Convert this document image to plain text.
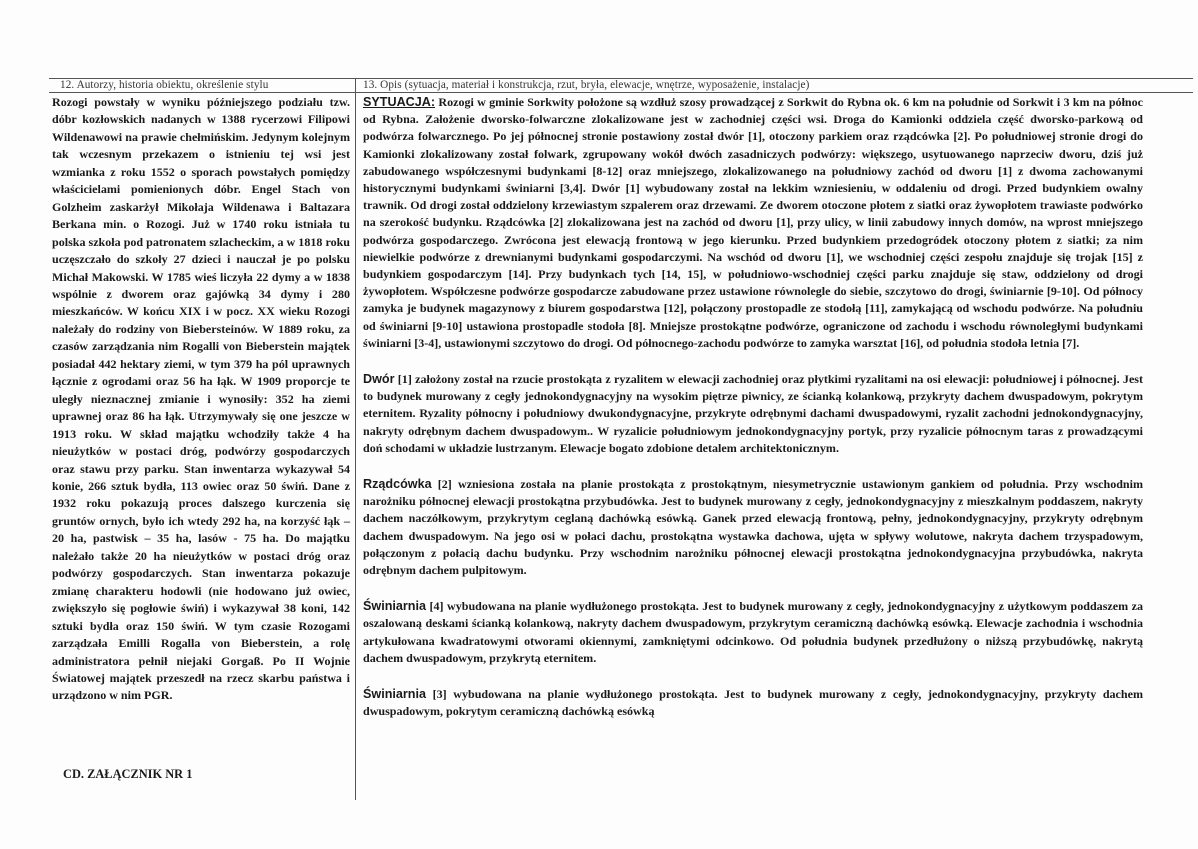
12. Autorzy, historia obiektu, określenie stylu	13. Opis (sytuacja, materiał i konstrukcja, rzut, bryła, elewacje, wnętrze, wyposażenie, instalacje)

Rozogi powstały w wyniku późniejszego podziału tzw. dóbr kozłowskich nadanych w 1388 rycerzowi Filipowi Wildenawowi na prawie chełmińskim. Jedynym kolejnym tak wczesnym przekazem o istnieniu tej wsi jest wzmianka z roku 1552 o sporach powstałych pomiędzy właścicielami pomienionych dóbr. Engel Stach von Golzheim zaskarżył Mikołaja Wildenawa i Baltazara Berkana min. o Rozogi. Już w 1740 roku istniała tu polska szkoła pod patronatem szlacheckim, a w 1818 roku uczęszczało do szkoły 27 dzieci i nauczał je po polsku Michał Makowski. W 1785 wieś liczyła 22 dymy a w 1838 wspólnie z dworem oraz gajówką 34 dymy i 280 mieszkańców. W końcu XIX i w pocz. XX wieku Rozogi należały do rodziny von Biebersteinów. W 1889 roku, za czasów zarządzania nim Rogalli von Bieberstein majątek posiadał 442 hektary ziemi, w tym 379 ha pól uprawnych łącznie z ogrodami oraz 56 ha łąk. W 1909 proporcje te uległy nieznacznej zmianie i wynosiły: 352 ha ziemi uprawnej oraz 86 ha łąk. Utrzymywały się one jeszcze w 1913 roku. W skład majątku wchodziły także 4 ha nieużytków w postaci dróg, podwórzy gospodarczych oraz stawu przy parku. Stan inwentarza wykazywał 54 konie, 266 sztuk bydła, 113 owiec oraz 50 świń. Dane z 1932 roku pokazują proces dalszego kurczenia się gruntów ornych, było ich wtedy 292 ha, na korzyść łąk – 20 ha, pastwisk – 35 ha, lasów - 75 ha. Do majątku należało także 20 ha nieużytków w postaci dróg oraz podwórzy gospodarczych. Stan inwentarza pokazuje zmianę charakteru hodowli (nie hodowano już owiec, zwiększyło się pogłowie świń) i wykazywał 38 koni, 142 sztuki bydła oraz 150 świń. W tym czasie Rozogami zarządzała Emilli Rogalla von Bieberstein, a rolę administratora pełnił niejaki Gorgaß. Po II Wojnie Światowej majątek przeszedł na rzecz skarbu państwa i urządzono w nim PGR.

CD. ZAŁĄCZNIK NR 1

SYTUACJA: Rozogi w gminie Sorkwity położone są wzdłuż szosy prowadzącej z Sorkwit do Rybna ok. 6 km na południe od Sorkwit i 3 km na północ od Rybna. Założenie dworsko-folwarczne zlokalizowane jest w zachodniej części wsi. Droga do Kamionki oddziela część dworsko-parkową od podwórza folwarcznego. Po jej północnej stronie postawiony został dwór [1], otoczony parkiem oraz rządcówka [2]. Po południowej stronie drogi do Kamionki zlokalizowany został folwark, zgrupowany wokół dwóch zasadniczych podwórzy: większego, usytuowanego naprzeciw dworu, dziś już zabudowanego współczesnymi budynkami [8-12] oraz mniejszego, zlokalizowanego na południowy zachód od dworu [1] z dwoma zachowanymi historycznymi budynkami świniarni [3,4]. Dwór [1] wybudowany został na lekkim wzniesieniu, w oddaleniu od drogi. Przed budynkiem owalny trawnik. Od drogi został oddzielony krzewiastym szpalerem oraz drzewami. Ze dworem otoczone płotem z siatki oraz żywopłotem trawiaste podwórko na szerokość budynku. Rządcówka [2] zlokalizowana jest na zachód od dworu [1], przy ulicy, w linii zabudowy innych domów, na wprost mniejszego podwórza gospodarczego. Zwrócona jest elewacją frontową w jego kierunku. Przed budynkiem przedogródek otoczony płotem z siatki; za nim niewielkie podwórze z drewnianymi budynkami gospodarczymi. Na wschód od dworu [1], we wschodniej części zespołu znajduje się trojak [15] z budynkiem gospodarczym [14]. Przy budynkach tych [14, 15], w południowo-wschodniej części parku znajduje się staw, oddzielony od drogi żywopłotem. Współczesne podwórze gospodarcze zabudowane przez ustawione równolegle do siebie, szczytowo do drogi, świniarnie [9-10]. Od północy zamyka je budynek magazynowy z biurem gospodarstwa [12], połączony prostopadle ze stodołą [11], zamykającą od wschodu podwórze. Na południu od świniarni [9-10] ustawiona prostopadle stodoła [8]. Mniejsze prostokątne podwórze, ograniczone od zachodu i wschodu równoległymi budynkami świniarni [3-4], ustawionymi szczytowo do drogi. Od północnego-zachodu podwórze to zamyka warsztat [16], od południa stodoła letnia [7].

Dwór [1] założony został na rzucie prostokąta z ryzalitem w elewacji zachodniej oraz płytkimi ryzalitami na osi elewacji: południowej i północnej. Jest to budynek murowany z cegły jednokondygnacyjny na wysokim piętrze piwnicy, ze ścianką kolankową, przykryty dachem dwuspadowym, pokrytym eternitem. Ryzality północny i południowy dwukondygnacyjne, przykryte odrębnymi dachami dwuspadowymi, ryzalit zachodni jednokondygnacyjny, nakryty odrębnym dachem dwuspadowym.. W ryzalicie południowym jednokondygnacyjny portyk, przy ryzalicie północnym taras z prowadzącymi doń schodami w układzie lustrzanym. Elewacje bogato zdobione detalem architektonicznym.

Rządcówka [2] wzniesiona została na planie prostokąta z prostokątnym, niesymetrycznie ustawionym gankiem od południa. Przy wschodnim narożniku północnej elewacji prostokątna przybudówka. Jest to budynek murowany z cegły, jednokondygnacyjny z mieszkalnym poddaszem, nakryty dachem naczółkowym, przykrytym ceglaną dachówką esówką. Ganek przed elewacją frontową, pełny, jednokondygnacyjny, przykryty odrębnym dachem dwuspadowym. Na jego osi w połaci dachu, prostokątna wystawka dachowa, ujęta w spływy wolutowe, nakryta dachem trzyspadowym, połączonym z połacią dachu budynku. Przy wschodnim narożniku północnej elewacji prostokątna jednokondygnacyjna przybudówka, nakryta odrębnym dachem pulpitowym.

Świniarnia [4] wybudowana na planie wydłużonego prostokąta. Jest to budynek murowany z cegły, jednokondygnacyjny z użytkowym poddaszem za oszalowaną deskami ścianką kolankową, nakryty dachem dwuspadowym, przykrytym ceramiczną dachówką esówką. Elewacje zachodnia i wschodnia artykułowana kwadratowymi otworami okiennymi, zamkniętymi odcinkowo. Od południa budynek przedłużony o niższą przybudówkę, nakrytą dachem dwuspadowym, przykrytą eternitem.

Świniarnia [3] wybudowana na planie wydłużonego prostokąta. Jest to budynek murowany z cegły, jednokondygnacyjny, przykryty dachem dwuspadowym, pokrytym ceramiczną dachówką esówką
